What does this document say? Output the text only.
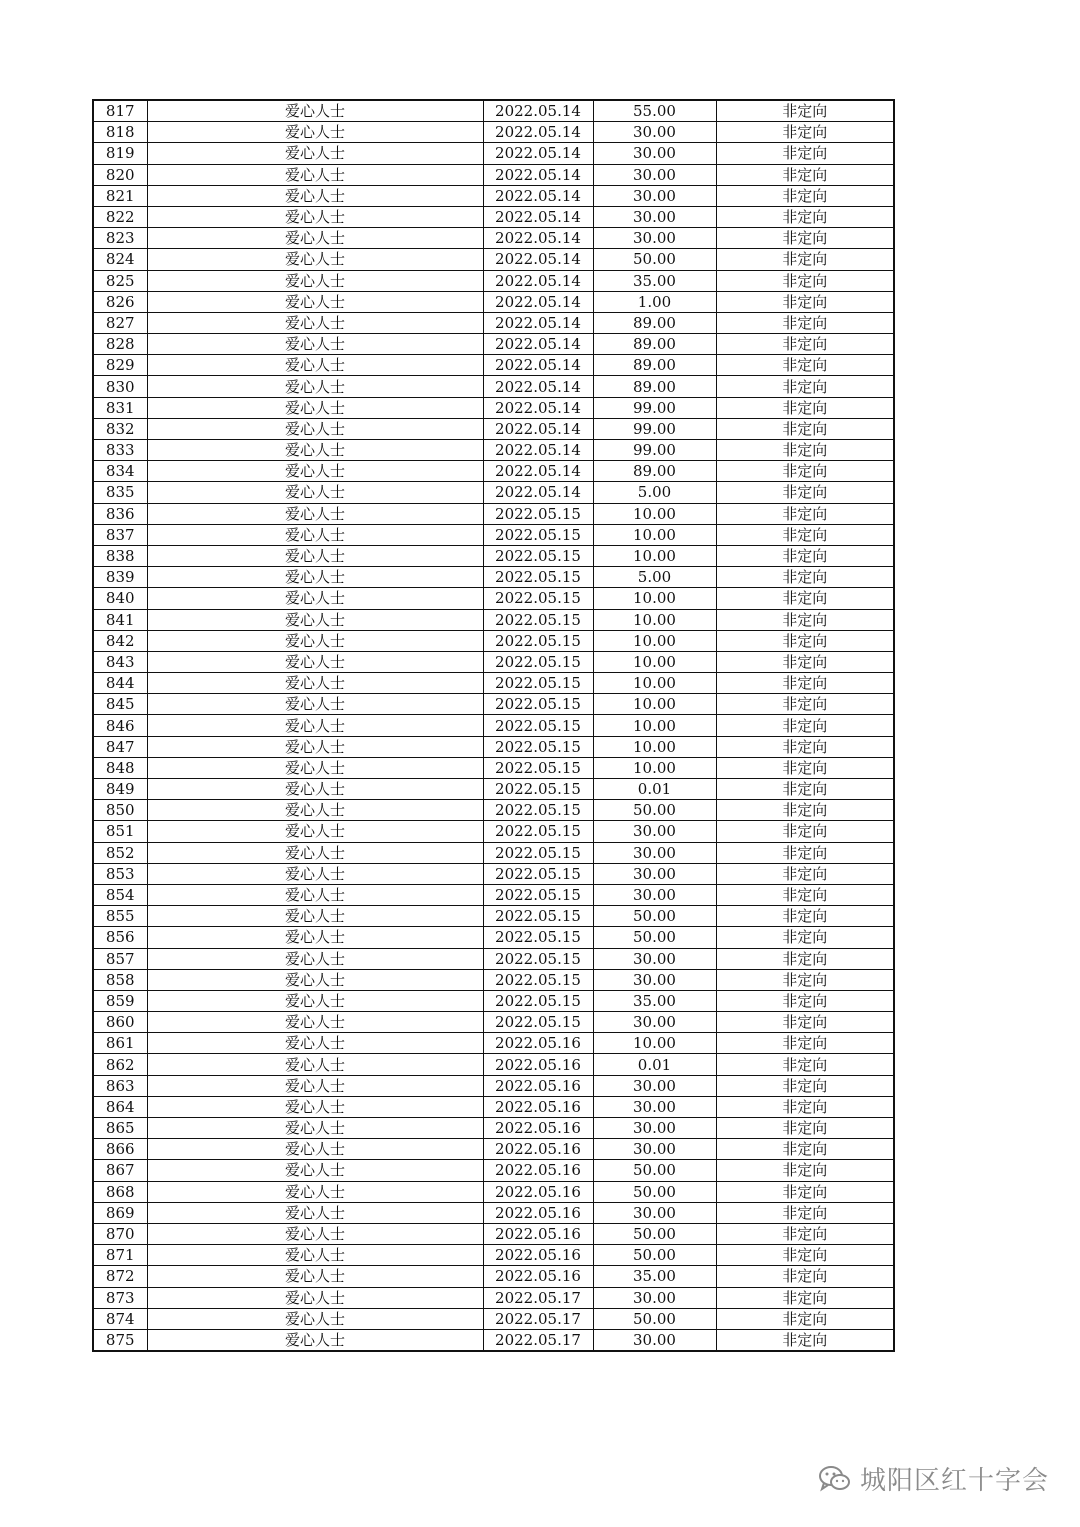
817	爱心人士	2022.05.14	55.00	非定向
818	爱心人士	2022.05.14	30.00	非定向
819	爱心人士	2022.05.14	30.00	非定向
820	爱心人士	2022.05.14	30.00	非定向
821	爱心人士	2022.05.14	30.00	非定向
822	爱心人士	2022.05.14	30.00	非定向
823	爱心人士	2022.05.14	30.00	非定向
824	爱心人士	2022.05.14	50.00	非定向
825	爱心人士	2022.05.14	35.00	非定向
826	爱心人士	2022.05.14	1.00	非定向
827	爱心人士	2022.05.14	89.00	非定向
828	爱心人士	2022.05.14	89.00	非定向
829	爱心人士	2022.05.14	89.00	非定向
830	爱心人士	2022.05.14	89.00	非定向
831	爱心人士	2022.05.14	99.00	非定向
832	爱心人士	2022.05.14	99.00	非定向
833	爱心人士	2022.05.14	99.00	非定向
834	爱心人士	2022.05.14	89.00	非定向
835	爱心人士	2022.05.14	5.00	非定向
836	爱心人士	2022.05.15	10.00	非定向
837	爱心人士	2022.05.15	10.00	非定向
838	爱心人士	2022.05.15	10.00	非定向
839	爱心人士	2022.05.15	5.00	非定向
840	爱心人士	2022.05.15	10.00	非定向
841	爱心人士	2022.05.15	10.00	非定向
842	爱心人士	2022.05.15	10.00	非定向
843	爱心人士	2022.05.15	10.00	非定向
844	爱心人士	2022.05.15	10.00	非定向
845	爱心人士	2022.05.15	10.00	非定向
846	爱心人士	2022.05.15	10.00	非定向
847	爱心人士	2022.05.15	10.00	非定向
848	爱心人士	2022.05.15	10.00	非定向
849	爱心人士	2022.05.15	0.01	非定向
850	爱心人士	2022.05.15	50.00	非定向
851	爱心人士	2022.05.15	30.00	非定向
852	爱心人士	2022.05.15	30.00	非定向
853	爱心人士	2022.05.15	30.00	非定向
854	爱心人士	2022.05.15	30.00	非定向
855	爱心人士	2022.05.15	50.00	非定向
856	爱心人士	2022.05.15	50.00	非定向
857	爱心人士	2022.05.15	30.00	非定向
858	爱心人士	2022.05.15	30.00	非定向
859	爱心人士	2022.05.15	35.00	非定向
860	爱心人士	2022.05.15	30.00	非定向
861	爱心人士	2022.05.16	10.00	非定向
862	爱心人士	2022.05.16	0.01	非定向
863	爱心人士	2022.05.16	30.00	非定向
864	爱心人士	2022.05.16	30.00	非定向
865	爱心人士	2022.05.16	30.00	非定向
866	爱心人士	2022.05.16	30.00	非定向
867	爱心人士	2022.05.16	50.00	非定向
868	爱心人士	2022.05.16	50.00	非定向
869	爱心人士	2022.05.16	30.00	非定向
870	爱心人士	2022.05.16	50.00	非定向
871	爱心人士	2022.05.16	50.00	非定向
872	爱心人士	2022.05.16	35.00	非定向
873	爱心人士	2022.05.17	30.00	非定向
874	爱心人士	2022.05.17	50.00	非定向
875	爱心人士	2022.05.17	30.00	非定向
城阳区红十字会
